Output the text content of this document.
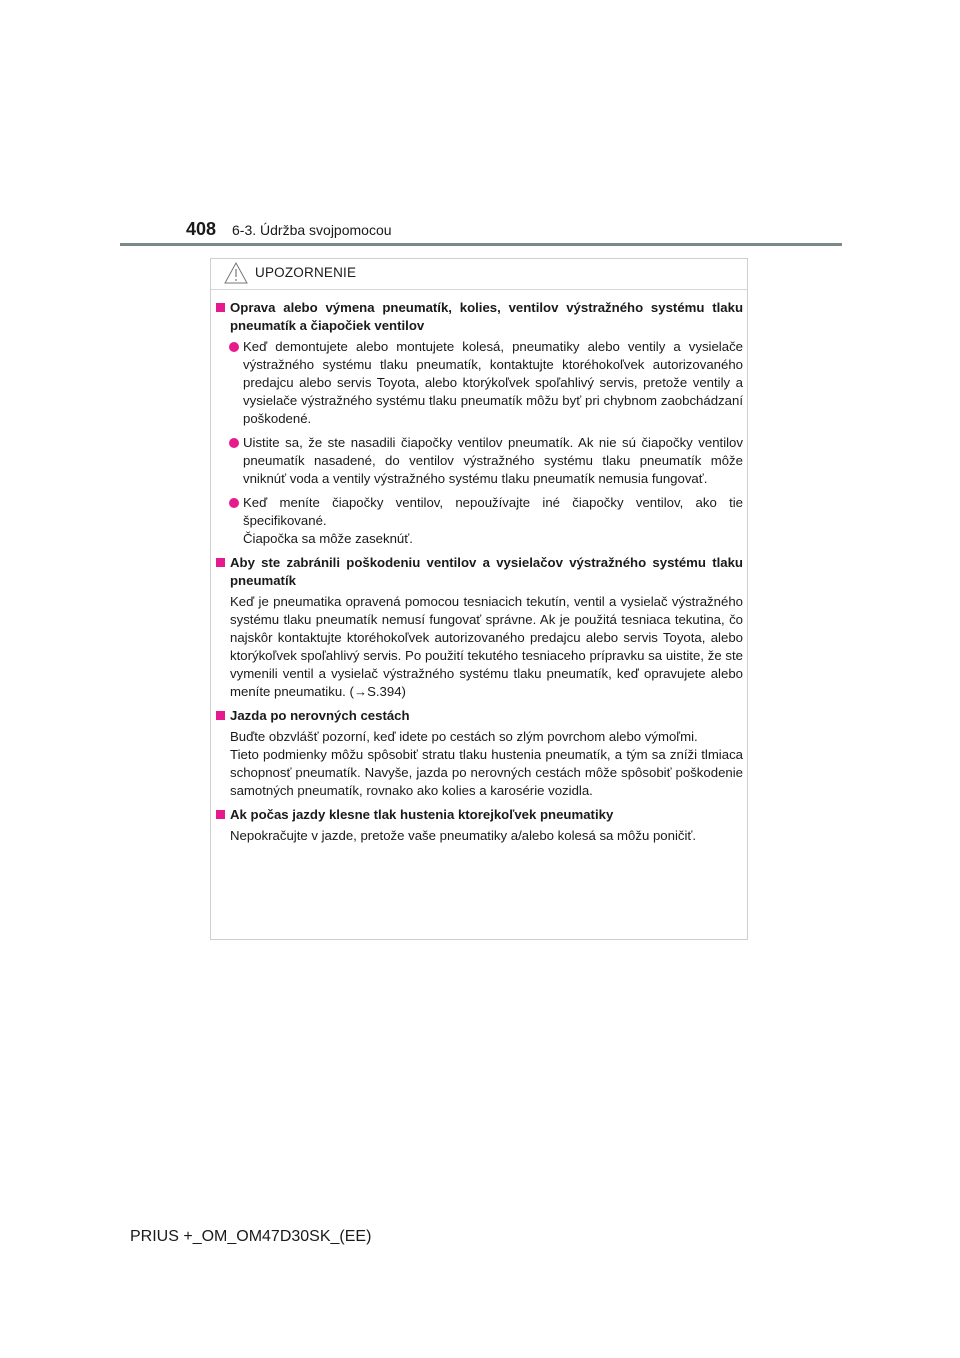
408 6-3. Údržba svojpomocou
UPOZORNENIE
Oprava alebo výmena pneumatík, kolies, ventilov výstražného systému tlaku pneumatík a čiapočiek ventilov
Keď demontujete alebo montujete kolesá, pneumatiky alebo ventily a vysielače výstražného systému tlaku pneumatík, kontaktujte ktoréhokoľvek autorizovaného predajcu alebo servis Toyota, alebo ktorýkoľvek spoľahlivý servis, pretože ventily a vysielače výstražného systému tlaku pneumatík môžu byť pri chybnom zaobchádzaní poškodené.
Uistite sa, že ste nasadili čiapočky ventilov pneumatík. Ak nie sú čiapočky ventilov pneumatík nasadené, do ventilov výstražného systému tlaku pneumatík môže vniknúť voda a ventily výstražného systému tlaku pneumatík nemusia fungovať.
Keď meníte čiapočky ventilov, nepoužívajte iné čiapočky ventilov, ako tie špecifikované.
Čiapočka sa môže zaseknúť.
Aby ste zabránili poškodeniu ventilov a vysielačov výstražného systému tlaku pneumatík
Keď je pneumatika opravená pomocou tesniacich tekutín, ventil a vysielač výstražného systému tlaku pneumatík nemusí fungovať správne. Ak je použitá tesniaca tekutina, čo najskôr kontaktujte ktoréhokoľvek autorizovaného predajcu alebo servis Toyota, alebo ktorýkoľvek spoľahlivý servis. Po použití tekutého tesniaceho prípravku sa uistite, že ste vymenili ventil a vysielač výstražného systému tlaku pneumatík, keď opravujete alebo meníte pneumatiku. (→S.394)
Jazda po nerovných cestách
Buďte obzvlášť pozorní, keď idete po cestách so zlým povrchom alebo výmoľmi.
Tieto podmienky môžu spôsobiť stratu tlaku hustenia pneumatík, a tým sa zníži tlmiaca schopnosť pneumatík. Navyše, jazda po nerovných cestách môže spôsobiť poškodenie samotných pneumatík, rovnako ako kolies a karosérie vozidla.
Ak počas jazdy klesne tlak hustenia ktorejkoľvek pneumatiky
Nepokračujte v jazde, pretože vaše pneumatiky a/alebo kolesá sa môžu poničiť.
PRIUS +_OM_OM47D30SK_(EE)
